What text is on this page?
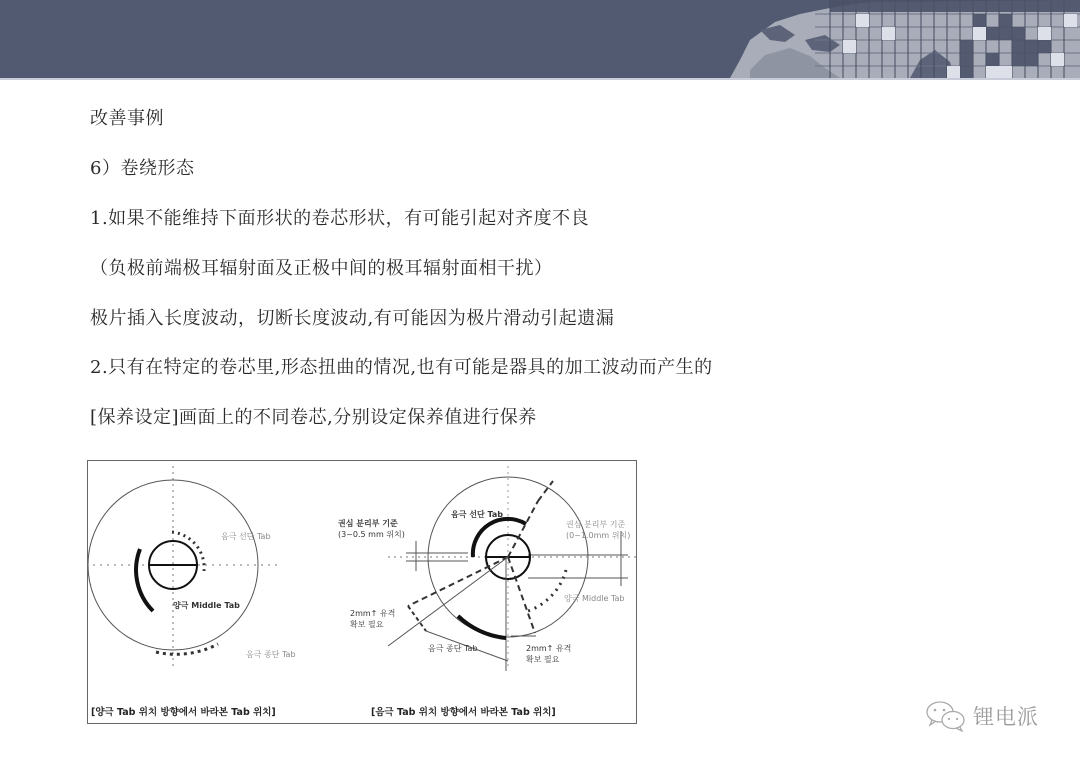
改善事例
6）卷绕形态
1.如果不能维持下面形状的卷芯形状，有可能引起对齐度不良
（负极前端极耳辐射面及正极中间的极耳辐射面相干扰）
极片插入长度波动，切断长度波动,有可能因为极片滑动引起遗漏
2.只有在特定的卷芯里,形态扭曲的情况,也有可能是器具的加工波动而产生的
[保养设定]画面上的不同卷芯,分别设定保养值进行保养
음극 선단 Tab
양극 Middle Tab
음극 종단 Tab
[양극 Tab 위치 방향에서 바라본 Tab 위치]
권심 분리부 기준
(3~0.5 mm 위치)
음극 선단 Tab
권심 분리부 기준
(0~1.0mm 위치)
양극 Middle Tab
2mm↑ 유격
확보 필요
음극 종단 Tab	2mm↑ 유격
확보 필요
[음극 Tab 위치 방향에서 바라본 Tab 위치]	锂电派
